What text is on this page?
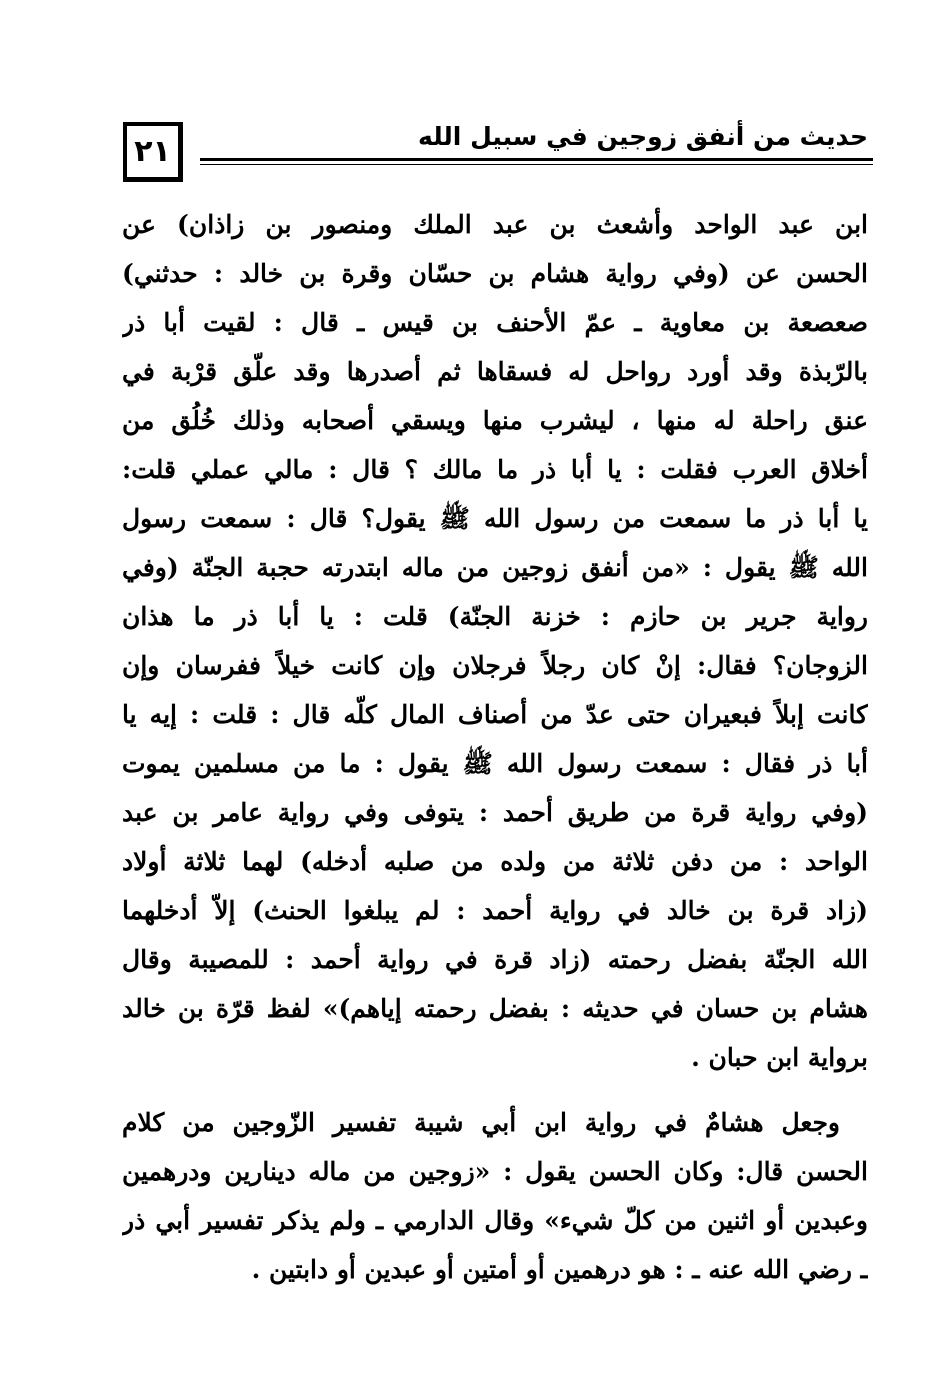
٢١	حديث من أنفق زوجين في سبيل الله
ابن عبد الواحد وأشعث بن عبد الملك ومنصور بن زاذان) عن
الحسن عن (وفي رواية هشام بن حسّان وقرة بن خالد : حدثني)
صعصعة بن معاوية ـ عمّ الأحنف بن قيس ـ قال : لقيت أبا ذر
بالرّبذة وقد أورد رواحل له فسقاها ثم أصدرها وقد علّق قرْبة في
عنق راحلة له منها ، ليشرب منها ويسقي أصحابه وذلك خُلُق من
أخلاق العرب فقلت : يا أبا ذر ما مالك ؟ قال : مالي عملي قلت:
يا أبا ذر ما سمعت من رسول الله ﷺ يقول؟ قال : سمعت رسول
الله ﷺ يقول : «من أنفق زوجين من ماله ابتدرته حجبة الجنّة (وفي
رواية جرير بن حازم : خزنة الجنّة) قلت : يا أبا ذر ما هذان
الزوجان؟ فقال: إنْ كان رجلاً فرجلان وإن كانت خيلاً ففرسان وإن
كانت إبلاً فبعيران حتى عدّ من أصناف المال كلّه قال : قلت : إيه يا
أبا ذر فقال : سمعت رسول الله ﷺ يقول : ما من مسلمين يموت
(وفي رواية قرة من طريق أحمد : يتوفى وفي رواية عامر بن عبد
الواحد : من دفن ثلاثة من ولده من صلبه أدخله) لهما ثلاثة أولاد
(زاد قرة بن خالد في رواية أحمد : لم يبلغوا الحنث) إلاّ أدخلهما
الله الجنّة بفضل رحمته (زاد قرة في رواية أحمد : للمصيبة وقال
هشام بن حسان في حديثه : بفضل رحمته إياهم)» لفظ قرّة بن خالد
برواية ابن حبان .
وجعل هشامٌ في رواية ابن أبي شيبة تفسير الزّوجين من كلام
الحسن قال: وكان الحسن يقول : «زوجين من ماله دينارين ودرهمين
وعبدين أو اثنين من كلّ شيء» وقال الدارمي ـ ولم يذكر تفسير أبي ذر
ـ رضي الله عنه ـ : هو درهمين أو أمتين أو عبدين أو دابتين .
